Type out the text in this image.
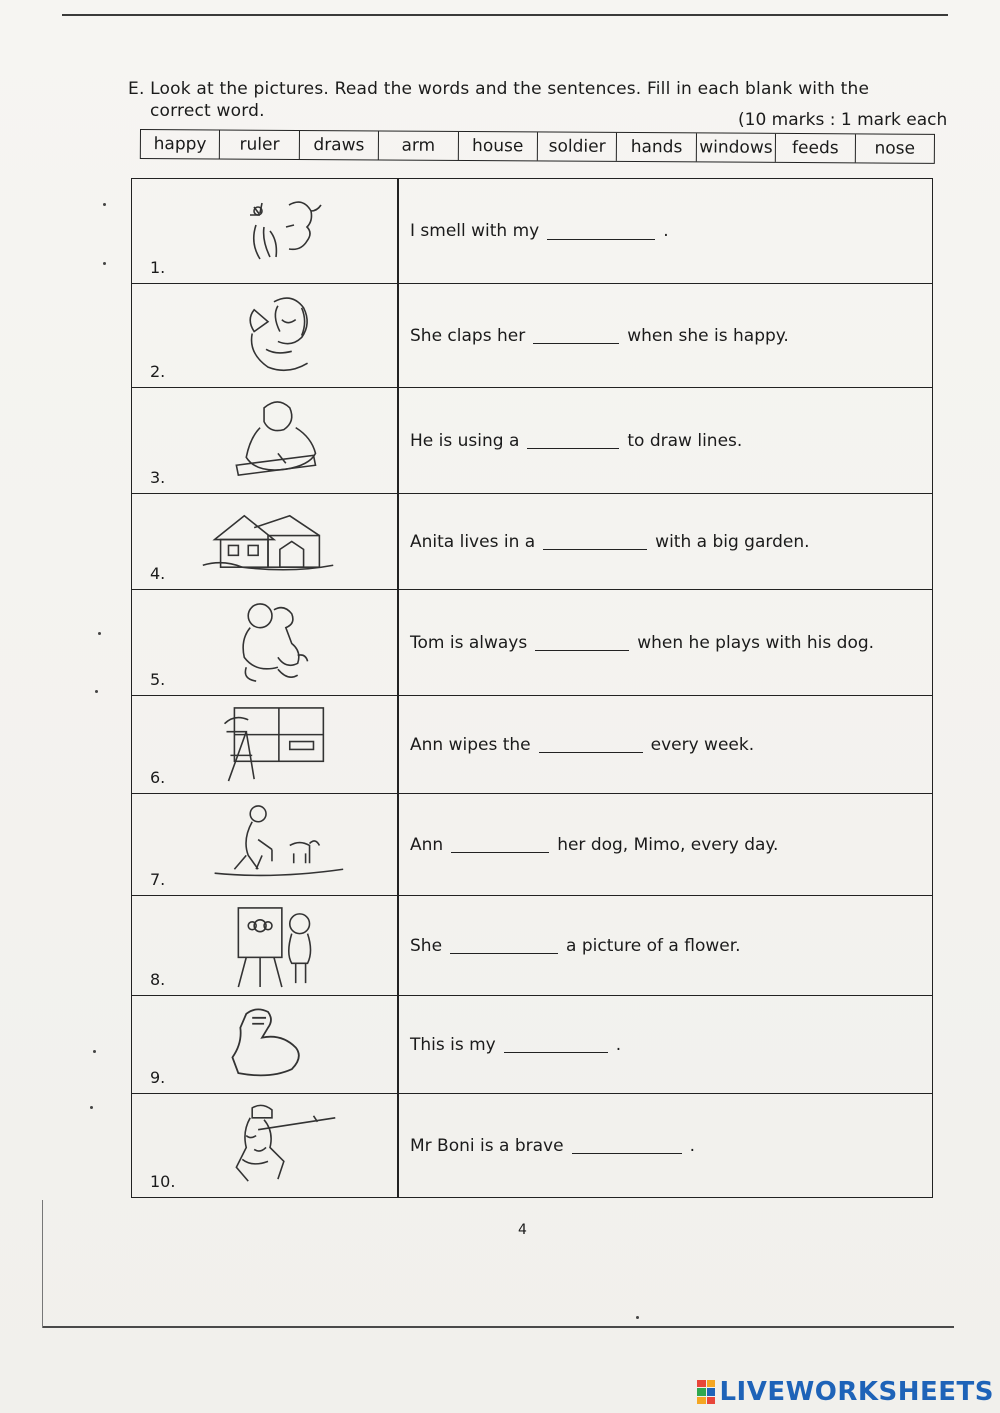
E. Look at the pictures. Read the words and the sentences. Fill in each blank with the
correct word.	(10 marks : 1 mark each
happy	ruler	draws	arm	house	soldier	hands windows	feeds	nose
1.
I smell with my	.
2.
She claps her	when she is happy.
3.
He is using a	to draw lines.
4.
Anita lives in a	with a big garden.
5.
Tom is always	when he plays with his dog.
6.
Ann wipes the	every week.
7.
Ann	her dog, Mimo, every day.
8.
She	a picture of a flower.
9.
This is my	.
10.
Mr Boni is a brave	.
4
LIVEWORKSHEETS
